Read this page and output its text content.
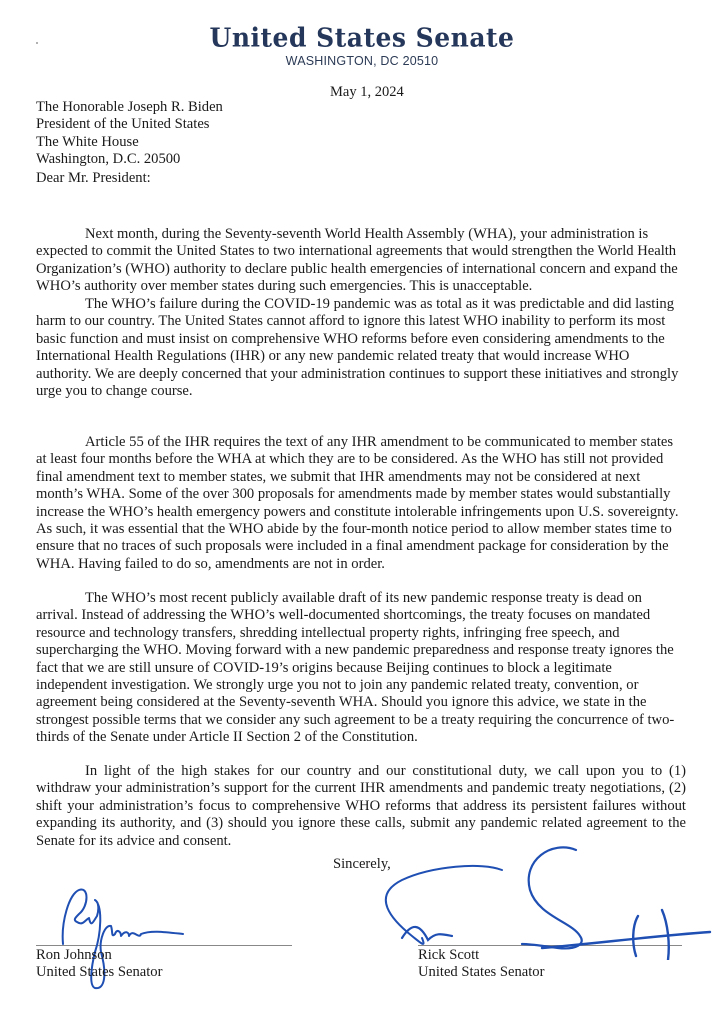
United States Senate
WASHINGTON, DC 20510
May 1, 2024
The Honorable Joseph R. Biden
President of the United States
The White House
Washington, D.C. 20500
Dear Mr. President:

Next month, during the Seventy-seventh World Health Assembly (WHA), your administration is expected to commit the United States to two international agreements that would strengthen the World Health Organization’s (WHO) authority to declare public health emergencies of international concern and expand the WHO’s authority over member states during such emergencies. This is unacceptable.

The WHO’s failure during the COVID-19 pandemic was as total as it was predictable and did lasting harm to our country. The United States cannot afford to ignore this latest WHO inability to perform its most basic function and must insist on comprehensive WHO reforms before even considering amendments to the International Health Regulations (IHR) or any new pandemic related treaty that would increase WHO authority. We are deeply concerned that your administration continues to support these initiatives and strongly urge you to change course.

Article 55 of the IHR requires the text of any IHR amendment to be communicated to member states at least four months before the WHA at which they are to be considered. As the WHO has still not provided final amendment text to member states, we submit that IHR amendments may not be considered at next month’s WHA. Some of the over 300 proposals for amendments made by member states would substantially increase the WHO’s health emergency powers and constitute intolerable infringements upon U.S. sovereignty. As such, it was essential that the WHO abide by the four-month notice period to allow member states time to ensure that no traces of such proposals were included in a final amendment package for consideration by the WHA. Having failed to do so, amendments are not in order.

The WHO’s most recent publicly available draft of its new pandemic response treaty is dead on arrival. Instead of addressing the WHO’s well-documented shortcomings, the treaty focuses on mandated resource and technology transfers, shredding intellectual property rights, infringing free speech, and supercharging the WHO. Moving forward with a new pandemic preparedness and response treaty ignores the fact that we are still unsure of COVID-19’s origins because Beijing continues to block a legitimate independent investigation. We strongly urge you not to join any pandemic related treaty, convention, or agreement being considered at the Seventy-seventh WHA. Should you ignore this advice, we state in the strongest possible terms that we consider any such agreement to be a treaty requiring the concurrence of two-thirds of the Senate under Article II Section 2 of the Constitution.

In light of the high stakes for our country and our constitutional duty, we call upon you to (1) withdraw your administration’s support for the current IHR amendments and pandemic treaty negotiations, (2) shift your administration’s focus to comprehensive WHO reforms that address its persistent failures without expanding its authority, and (3) should you ignore these calls, submit any pandemic related agreement to the Senate for its advice and consent.

Sincerely,
Ron Johnson
United States Senator
Rick Scott
United States Senator
